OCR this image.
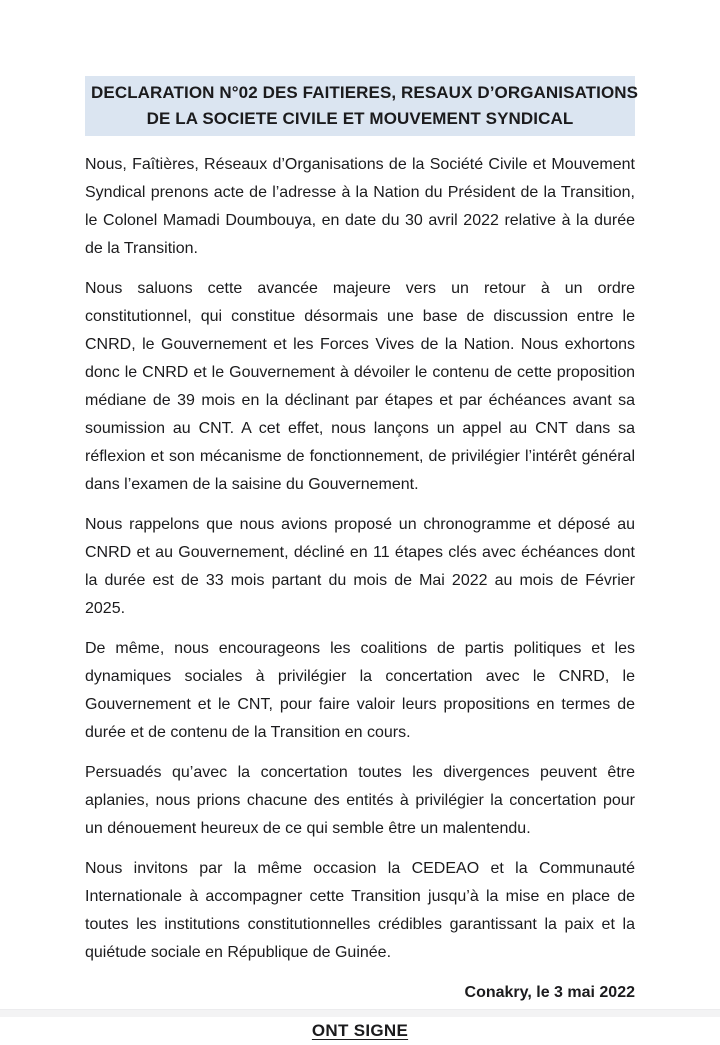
DECLARATION N°02 DES FAITIERES, RESAUX D’ORGANISATIONS
DE LA SOCIETE CIVILE ET MOUVEMENT SYNDICAL

Nous, Faîtières, Réseaux d’Organisations de la Société Civile et Mouvement Syndical prenons acte de l’adresse à la Nation du Président de la Transition, le Colonel Mamadi Doumbouya, en date du 30 avril 2022 relative à la durée de la Transition.

Nous saluons cette avancée majeure vers un retour à un ordre constitutionnel, qui constitue désormais une base de discussion entre le CNRD, le Gouvernement et les Forces Vives de la Nation. Nous exhortons donc le CNRD et le Gouvernement à dévoiler le contenu de cette proposition médiane de 39 mois en la déclinant par étapes et par échéances avant sa soumission au CNT. A cet effet, nous lançons un appel au CNT dans sa réflexion et son mécanisme de fonctionnement, de privilégier l’intérêt général dans l’examen de la saisine du Gouvernement.

Nous rappelons que nous avions proposé un chronogramme et déposé au CNRD et au Gouvernement, décliné en 11 étapes clés avec échéances dont la durée est de 33 mois partant du mois de Mai 2022 au mois de Février 2025.

De même, nous encourageons les coalitions de partis politiques et les dynamiques sociales à privilégier la concertation avec le CNRD, le Gouvernement et le CNT, pour faire valoir leurs propositions en termes de durée et de contenu de la Transition en cours.

Persuadés qu’avec la concertation toutes les divergences peuvent être aplanies, nous prions chacune des entités à privilégier la concertation pour un dénouement heureux de ce qui semble être un malentendu.

Nous invitons par la même occasion la CEDEAO et la Communauté Internationale à accompagner cette Transition jusqu’à la mise en place de toutes les institutions constitutionnelles crédibles garantissant la paix et la quiétude sociale en République de Guinée.

Conakry, le 3 mai 2022

ONT SIGNE
